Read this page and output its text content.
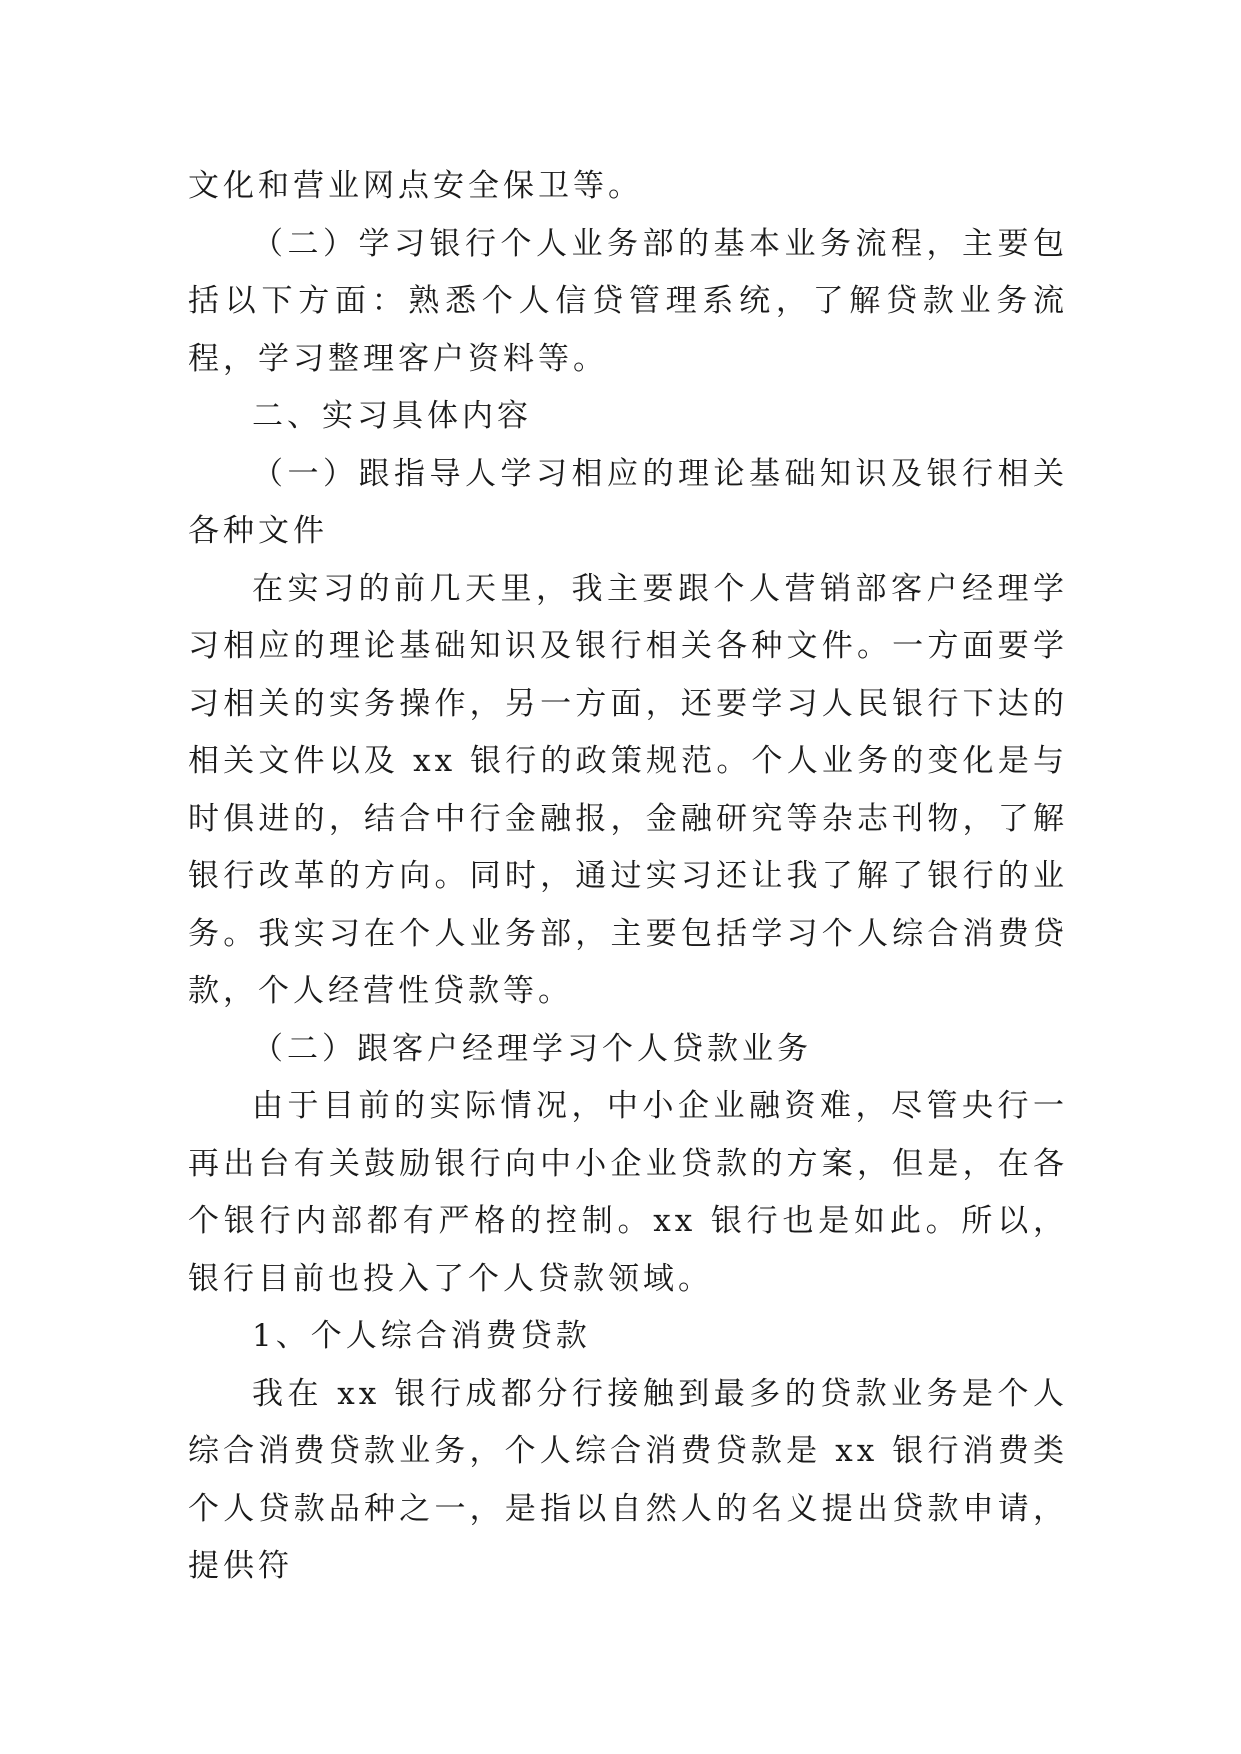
文化和营业网点安全保卫等。

（二）学习银行个人业务部的基本业务流程，主要包括以下方面：熟悉个人信贷管理系统，了解贷款业务流程，学习整理客户资料等。

二、实习具体内容

（一）跟指导人学习相应的理论基础知识及银行相关各种文件

在实习的前几天里，我主要跟个人营销部客户经理学习相应的理论基础知识及银行相关各种文件。一方面要学习相关的实务操作，另一方面，还要学习人民银行下达的相关文件以及 xx 银行的政策规范。个人业务的变化是与时俱进的，结合中行金融报，金融研究等杂志刊物，了解银行改革的方向。同时，通过实习还让我了解了银行的业务。我实习在个人业务部，主要包括学习个人综合消费贷款，个人经营性贷款等。

（二）跟客户经理学习个人贷款业务

由于目前的实际情况，中小企业融资难，尽管央行一再出台有关鼓励银行向中小企业贷款的方案，但是，在各个银行内部都有严格的控制。xx 银行也是如此。所以，银行目前也投入了个人贷款领域。

1、个人综合消费贷款

我在 xx 银行成都分行接触到最多的贷款业务是个人综合消费贷款业务，个人综合消费贷款是 xx 银行消费类个人贷款品种之一，是指以自然人的名义提出贷款申请，提供符
